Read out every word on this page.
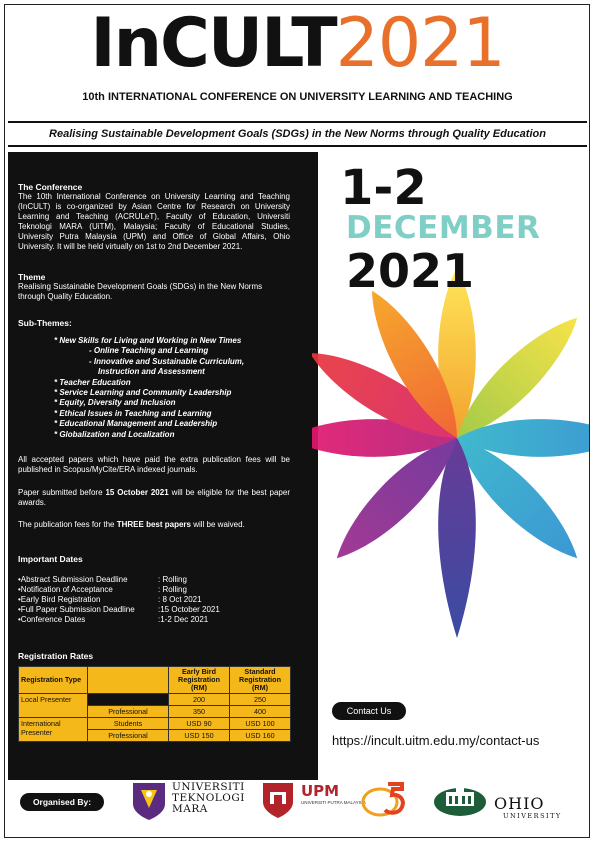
InCULT2021
10th INTERNATIONAL CONFERENCE ON UNIVERSITY LEARNING AND TEACHING
Realising Sustainable Development Goals (SDGs) in the New Norms through Quality Education
The Conference
The 10th International Conference on University Learning and Teaching (InCULT) is co-organized by Asian Centre for Research on University Learning and Teaching (ACRULeT), Faculty of Education, Universiti Teknologi MARA (UiTM), Malaysia; Faculty of Educational Studies, University Putra Malaysia (UPM) and Office of Global Affairs, Ohio University. It will be held virtually on 1st to 2nd December 2021.
Theme
Realising Sustainable Development Goals (SDGs) in the New Norms through Quality Education.
Sub-Themes:
* New Skills for Living and Working in New Times
- Online Teaching and Learning
- Innovative and Sustainable Curriculum,
Instruction and Assessment
* Teacher Education
* Service Learning and Community Leadership
* Equity, Diversity and Inclusion
* Ethical Issues in Teaching and Learning
* Educational Management and Leadership
* Globalization and Localization
All accepted papers which have paid the extra publication fees will be published in Scopus/MyCite/ERA indexed journals.
Paper submitted before 15 October 2021 will be eligible for the best paper awards.
The publication fees for the THREE best papers will be waived.
Important Dates
•Abstract Submission Deadline	: Rolling
•Notification of Acceptance	: Rolling
•Early Bird Registration	: 8 Oct 2021
•Full Paper Submission Deadline	:15 October 2021
•Conference Dates	:1-2 Dec 2021
Registration Rates
Registration Type		Early Bird Registration (RM)	Standard Registration (RM)
Local Presenter	Students	200	250
	Professional	350	400
International Presenter	Students	USD 90	USD 100
	Professional	USD 150	USD 160
1-2
DECEMBER
2021
Contact Us
https://incult.uitm.edu.my/contact-us
Organised By:
UNIVERSITI
TEKNOLOGI
MARA
UPM
UNIVERSITI PUTRA MALAYSIA	OHIO
UNIVERSITY
